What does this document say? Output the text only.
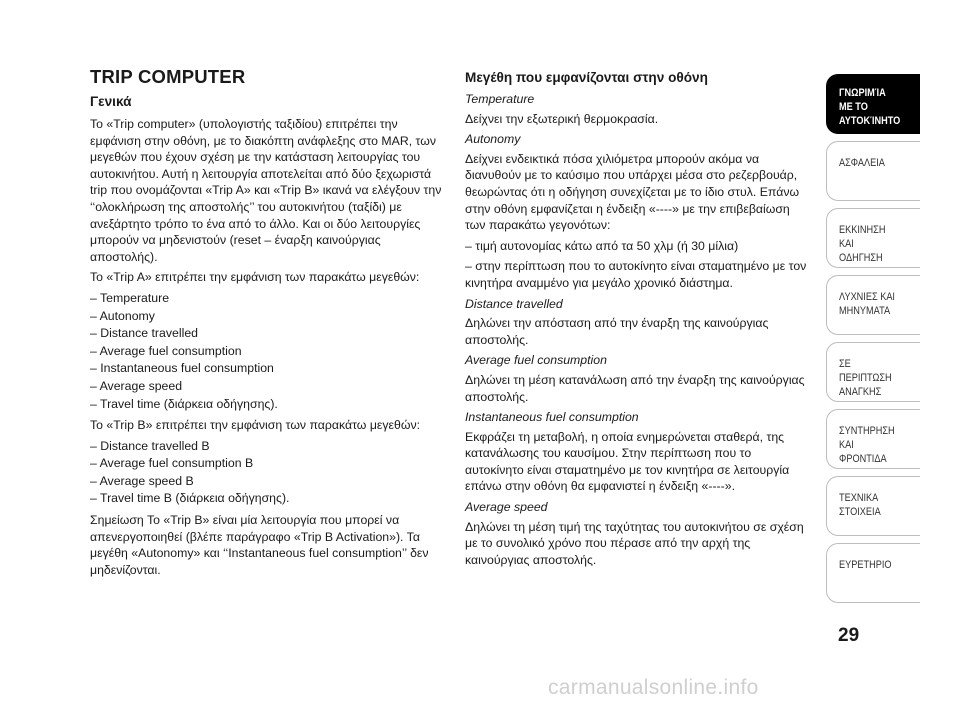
TRIP COMPUTER
Γενικά

Το «Trip computer» (υπολογιστής ταξιδίου) επιτρέπει την εμφάνιση στην οθόνη, με το διακόπτη ανάφλεξης στο MAR, των μεγεθών που έχουν σχέση με την κατάσταση λειτουργίας του αυτοκινήτου. Αυτή η λειτουργία αποτελείται από δύο ξεχωριστά trip που ονομάζονται «Trip A» και «Trip B» ικανά να ελέγξουν την ‘‘ολοκλήρωση της αποστολής’’ του αυτοκινήτου (ταξίδι) με ανεξάρτητο τρόπο το ένα από το άλλο. Και οι δύο λειτουργίες μπορούν να μηδενιστούν (reset – έναρξη καινούργιας αποστολής).

Το «Trip A» επιτρέπει την εμφάνιση των παρακάτω μεγεθών:

– Temperature
– Autonomy
– Distance travelled
– Average fuel consumption
– Instantaneous fuel consumption
– Average speed
– Travel time (διάρκεια οδήγησης).

Το «Trip B» επιτρέπει την εμφάνιση των παρακάτω μεγεθών:

– Distance travelled B
– Average fuel consumption B
– Average speed B
– Travel time B (διάρκεια οδήγησης).

Σημείωση Το «Trip B» είναι μία λειτουργία που μπορεί να απενεργοποιηθεί (βλέπε παράγραφο «Trip B Activation»). Τα μεγέθη «Autonomy» και ‘‘Instantaneous fuel consumption’’ δεν μηδενίζονται.

Μεγέθη που εμφανίζονται στην οθόνη
Temperature

Δείχνει την εξωτερική θερμοκρασία.

Autonomy

Δείχνει ενδεικτικά πόσα χιλιόμετρα μπορούν ακόμα να διανυθούν με το καύσιμο που υπάρχει μέσα στο ρεζερβουάρ, θεωρώντας ότι η οδήγηση συνεχίζεται με το ίδιο στυλ. Επάνω στην οθόνη εμφανίζεται η ένδειξη «----» με την επιβεβαίωση των παρακάτω γεγονότων:

– τιμή αυτονομίας κάτω από τα 50 χλμ (ή 30 μίλια)

– στην περίπτωση που το αυτοκίνητο είναι σταματημένο με τον κινητήρα αναμμένο για μεγάλο χρονικό διάστημα.

Distance travelled

Δηλώνει την απόσταση από την έναρξη της καινούργιας αποστολής.

Average fuel consumption

Δηλώνει τη μέση κατανάλωση από την έναρξη της καινούργιας αποστολής.

Instantaneous fuel consumption

Εκφράζει τη μεταβολή, η οποία ενημερώνεται σταθερά, της κατανάλωσης του καυσίμου. Στην περίπτωση που το αυτοκίνητο είναι σταματημένο με τον κινητήρα σε λειτουργία επάνω στην οθόνη θα εμφανιστεί η ένδειξη «----».

Average speed

Δηλώνει τη μέση τιμή της ταχύτητας του αυτοκινήτου σε σχέση με το συνολικό χρόνο που πέρασε από την αρχή της καινούργιας αποστολής.

ΓΝΩΡΙΜΊΑ
ΜΕ ΤΟ
ΑΥΤΟΚΊΝΗΤΟ
ΑΣΦΑΛΕΙΑ
ΕΚΚΙΝΗΣΗ ΚΑΙ
ΟΔΗΓΗΣΗ
ΛΥΧΝΙΕΣ ΚΑΙ
ΜΗΝΥΜΑΤΑ
ΣΕ ΠΕΡΙΠΤΩΣΗ
ΑΝΑΓΚΗΣ
ΣΥΝΤΗΡΗΣΗ
ΚΑΙ ΦΡΟΝΤΙΔΑ
ΤΕΧΝΙΚΑ
ΣΤΟΙΧΕΙΑ
ΕΥΡΕΤΗΡΙΟ
29
carmanualsonline.info
